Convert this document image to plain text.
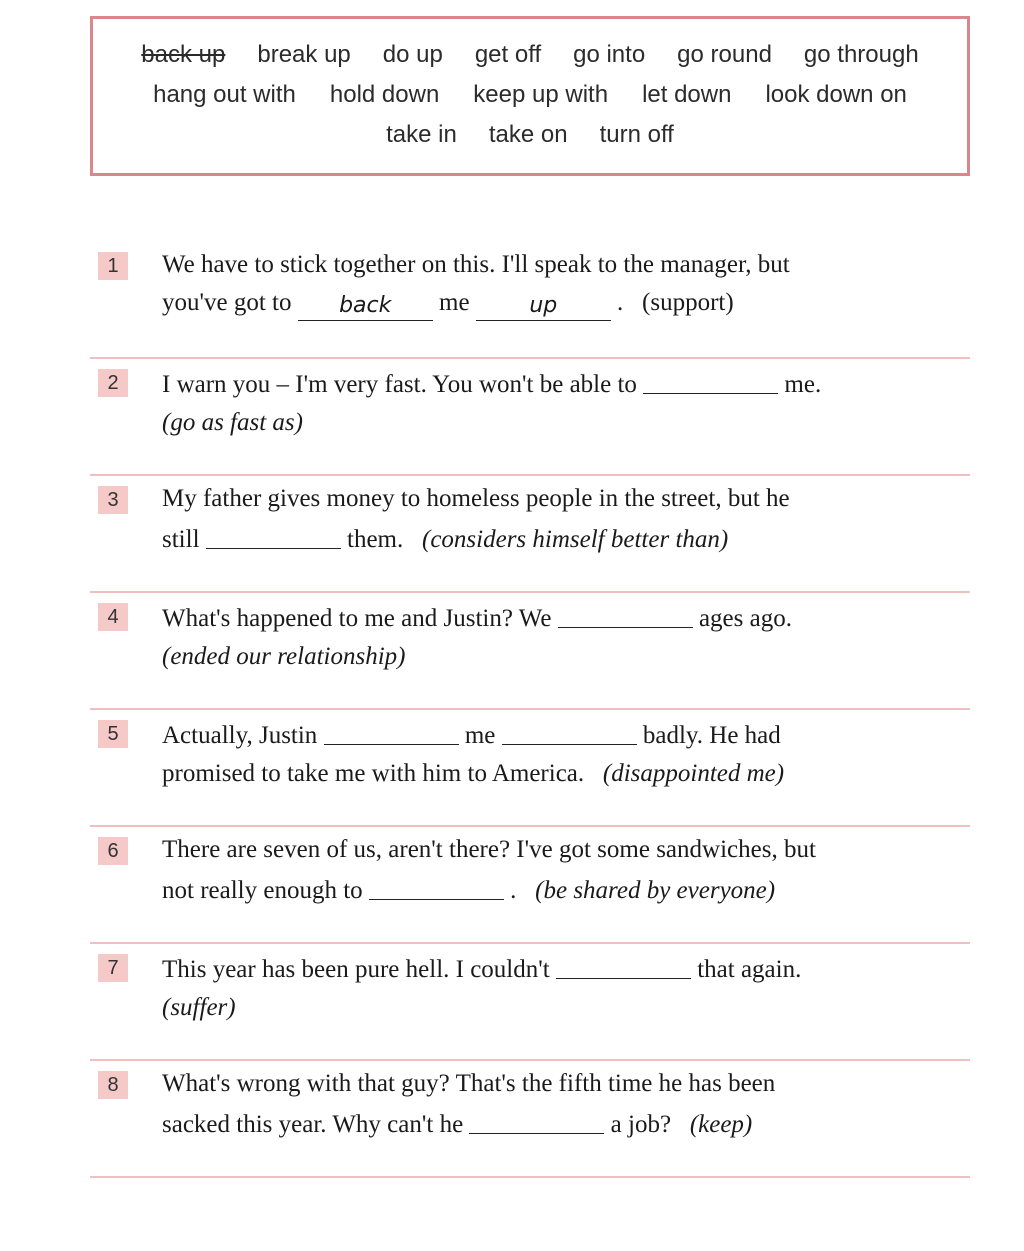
back up break up do up get off go into go round go through
hang out with hold down keep up with let down look down on
take in take on turn off
1	We have to stick together on this. I'll speak to the manager, but
you've got to back me	up . (support)
2	I warn you – I'm very fast. You won't be able to	me.
(go as fast as)
3	My father gives money to homeless people in the street, but he
still	them. (considers himself better than)
4	What's happened to me and Justin? We	ages ago.
(ended our relationship)
5	Actually, Justin	me	badly. He had
promised to take me with him to America. (disappointed me)
6	There are seven of us, aren't there? I've got some sandwiches, but
not really enough to	. (be shared by everyone)
7	This year has been pure hell. I couldn't	that again.
(suffer)
8	What's wrong with that guy? That's the fifth time he has been
sacked this year. Why can't he	a job? (keep)
